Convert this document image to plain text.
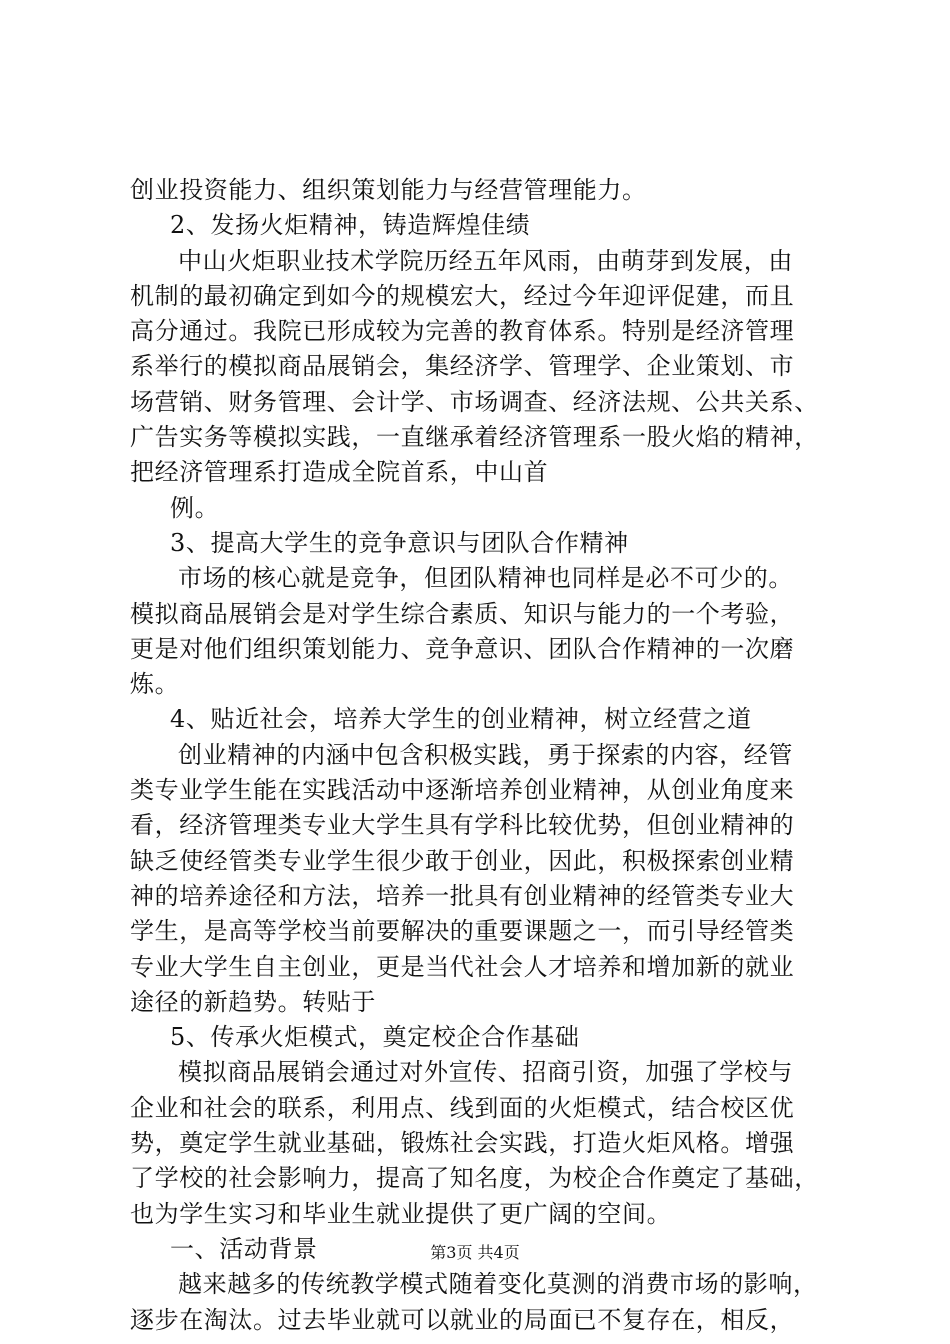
创业投资能力、组织策划能力与经营管理能力。
2、发扬火炬精神，铸造辉煌佳绩
中山火炬职业技术学院历经五年风雨，由萌芽到发展，由
机制的最初确定到如今的规模宏大，经过今年迎评促建，而且
高分通过。我院已形成较为完善的教育体系。特别是经济管理
系举行的模拟商品展销会，集经济学、管理学、企业策划、市
场营销、财务管理、会计学、市场调查、经济法规、公共关系、
广告实务等模拟实践，一直继承着经济管理系一股火焰的精神，
把经济管理系打造成全院首系，中山首
例。
3、提高大学生的竞争意识与团队合作精神
市场的核心就是竞争，但团队精神也同样是必不可少的。
模拟商品展销会是对学生综合素质、知识与能力的一个考验，
更是对他们组织策划能力、竞争意识、团队合作精神的一次磨
炼。
4、贴近社会，培养大学生的创业精神，树立经营之道
创业精神的内涵中包含积极实践，勇于探索的内容，经管
类专业学生能在实践活动中逐渐培养创业精神，从创业角度来
看，经济管理类专业大学生具有学科比较优势，但创业精神的
缺乏使经管类专业学生很少敢于创业，因此，积极探索创业精
神的培养途径和方法，培养一批具有创业精神的经管类专业大
学生，是高等学校当前要解决的重要课题之一，而引导经管类
专业大学生自主创业，更是当代社会人才培养和增加新的就业
途径的新趋势。转贴于
5、传承火炬模式，奠定校企合作基础
模拟商品展销会通过对外宣传、招商引资，加强了学校与
企业和社会的联系，利用点、线到面的火炬模式，结合校区优
势，奠定学生就业基础，锻炼社会实践，打造火炬风格。增强
了学校的社会影响力，提高了知名度，为校企合作奠定了基础，
也为学生实习和毕业生就业提供了更广阔的空间。
一、活动背景
越来越多的传统教学模式随着变化莫测的消费市场的影响，
逐步在淘汰。过去毕业就可以就业的局面已不复存在，相反，
第3页 共4页
